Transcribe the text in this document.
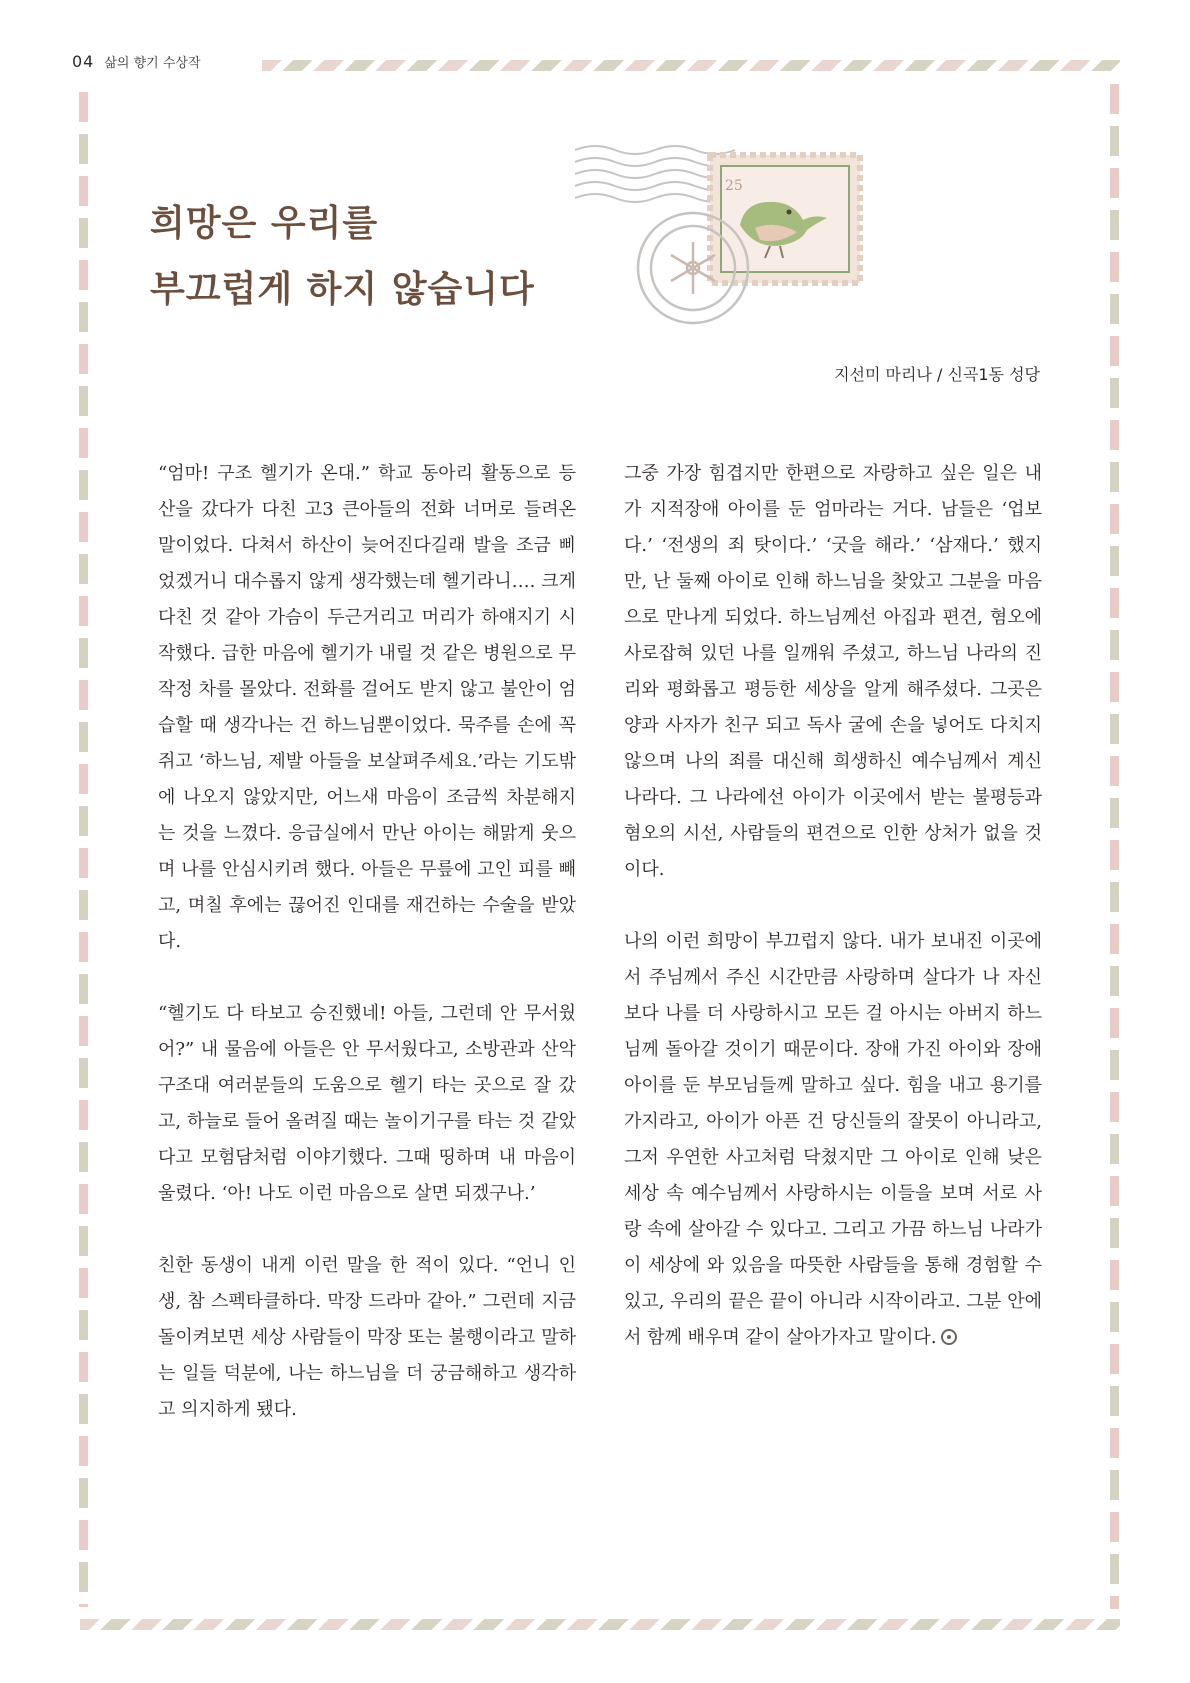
04 삶의 향기 수상작
희망은 우리를
부끄럽게 하지 않습니다
25
지선미 마리나 / 신곡1동 성당

“엄마! 구조 헬기가 온대.” 학교 동아리 활동으로 등산을 갔다가 다친 고3 큰아들의 전화 너머로 들려온 말이었다. 다쳐서 하산이 늦어진다길래 발을 조금 삐었겠거니 대수롭지 않게 생각했는데 헬기라니…. 크게 다친 것 같아 가슴이 두근거리고 머리가 하얘지기 시작했다. 급한 마음에 헬기가 내릴 것 같은 병원으로 무작정 차를 몰았다. 전화를 걸어도 받지 않고 불안이 엄습할 때 생각나는 건 하느님뿐이었다. 묵주를 손에 꼭 쥐고 ‘하느님, 제발 아들을 보살펴주세요.’라는 기도밖에 나오지 않았지만, 어느새 마음이 조금씩 차분해지는 것을 느꼈다. 응급실에서 만난 아이는 해맑게 웃으며 나를 안심시키려 했다. 아들은 무릎에 고인 피를 빼고, 며칠 후에는 끊어진 인대를 재건하는 수술을 받았다.

“헬기도 다 타보고 승진했네! 아들, 그런데 안 무서웠어?” 내 물음에 아들은 안 무서웠다고, 소방관과 산악구조대 여러분들의 도움으로 헬기 타는 곳으로 잘 갔고, 하늘로 들어 올려질 때는 놀이기구를 타는 것 같았다고 모험담처럼 이야기했다. 그때 띵하며 내 마음이 울렸다. ‘아! 나도 이런 마음으로 살면 되겠구나.’

친한 동생이 내게 이런 말을 한 적이 있다. “언니 인생, 참 스펙타클하다. 막장 드라마 같아.” 그런데 지금 돌이켜보면 세상 사람들이 막장 또는 불행이라고 말하는 일들 덕분에, 나는 하느님을 더 궁금해하고 생각하고 의지하게 됐다.

그중 가장 힘겹지만 한편으로 자랑하고 싶은 일은 내가 지적장애 아이를 둔 엄마라는 거다. 남들은 ‘업보다.’ ‘전생의 죄 탓이다.’ ‘굿을 해라.’ ‘삼재다.’ 했지만, 난 둘째 아이로 인해 하느님을 찾았고 그분을 마음으로 만나게 되었다. 하느님께선 아집과 편견, 혐오에 사로잡혀 있던 나를 일깨워 주셨고, 하느님 나라의 진리와 평화롭고 평등한 세상을 알게 해주셨다. 그곳은 양과 사자가 친구 되고 독사 굴에 손을 넣어도 다치지 않으며 나의 죄를 대신해 희생하신 예수님께서 계신 나라다. 그 나라에선 아이가 이곳에서 받는 불평등과 혐오의 시선, 사람들의 편견으로 인한 상처가 없을 것이다.

나의 이런 희망이 부끄럽지 않다. 내가 보내진 이곳에서 주님께서 주신 시간만큼 사랑하며 살다가 나 자신보다 나를 더 사랑하시고 모든 걸 아시는 아버지 하느님께 돌아갈 것이기 때문이다. 장애 가진 아이와 장애아이를 둔 부모님들께 말하고 싶다. 힘을 내고 용기를 가지라고, 아이가 아픈 건 당신들의 잘못이 아니라고, 그저 우연한 사고처럼 닥쳤지만 그 아이로 인해 낮은 세상 속 예수님께서 사랑하시는 이들을 보며 서로 사랑 속에 살아갈 수 있다고. 그리고 가끔 하느님 나라가 이 세상에 와 있음을 따뜻한 사람들을 통해 경험할 수 있고, 우리의 끝은 끝이 아니라 시작이라고. 그분 안에서 함께 배우며 같이 살아가자고 말이다.
